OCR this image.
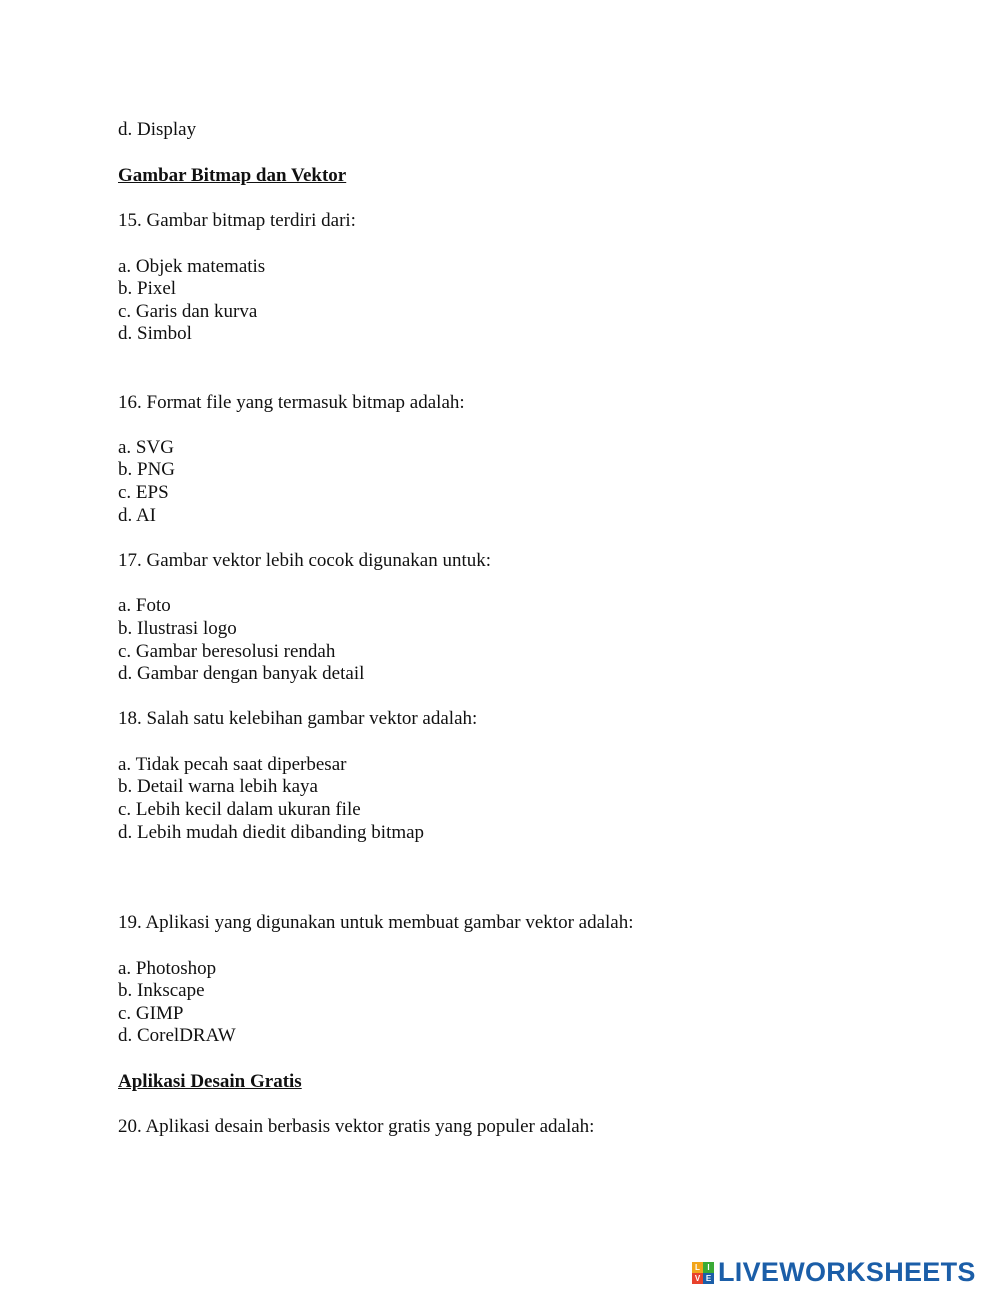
d. Display
Gambar Bitmap dan Vektor
15. Gambar bitmap terdiri dari:
a. Objek matematis
b. Pixel
c. Garis dan kurva
d. Simbol
16. Format file yang termasuk bitmap adalah:
a. SVG
b. PNG
c. EPS
d. AI
17. Gambar vektor lebih cocok digunakan untuk:
a. Foto
b. Ilustrasi logo
c. Gambar beresolusi rendah
d. Gambar dengan banyak detail
18. Salah satu kelebihan gambar vektor adalah:
a. Tidak pecah saat diperbesar
b. Detail warna lebih kaya
c. Lebih kecil dalam ukuran file
d. Lebih mudah diedit dibanding bitmap
19. Aplikasi yang digunakan untuk membuat gambar vektor adalah:
a. Photoshop
b. Inkscape
c. GIMP
d. CorelDRAW
Aplikasi Desain Gratis
20. Aplikasi desain berbasis vektor gratis yang populer adalah:
L I
V E LIVEWORKSHEETS
